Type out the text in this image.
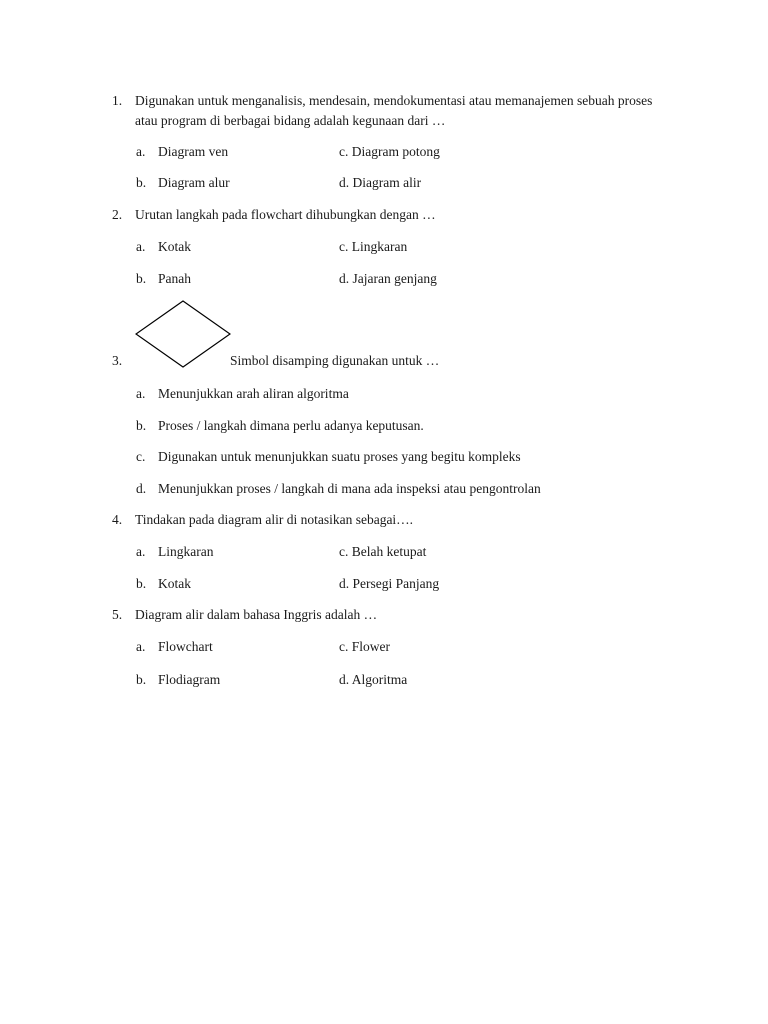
1. Digunakan untuk menganalisis, mendesain, mendokumentasi atau memanajemen sebuah proses
atau program di berbagai bidang adalah kegunaan dari …
a. Diagram ven	c. Diagram potong
b. Diagram alur	d. Diagram alir
2. Urutan langkah pada flowchart dihubungkan dengan …
a. Kotak	c. Lingkaran
b. Panah	d. Jajaran genjang
3.	Simbol disamping digunakan untuk …
a. Menunjukkan arah aliran algoritma
b. Proses / langkah dimana perlu adanya keputusan.
c. Digunakan untuk menunjukkan suatu proses yang begitu kompleks
d. Menunjukkan proses / langkah di mana ada inspeksi atau pengontrolan
4. Tindakan pada diagram alir di notasikan sebagai….
a. Lingkaran	c. Belah ketupat
b. Kotak	d. Persegi Panjang
5. Diagram alir dalam bahasa Inggris adalah …
a. Flowchart	c. Flower
b. Flodiagram	d. Algoritma
